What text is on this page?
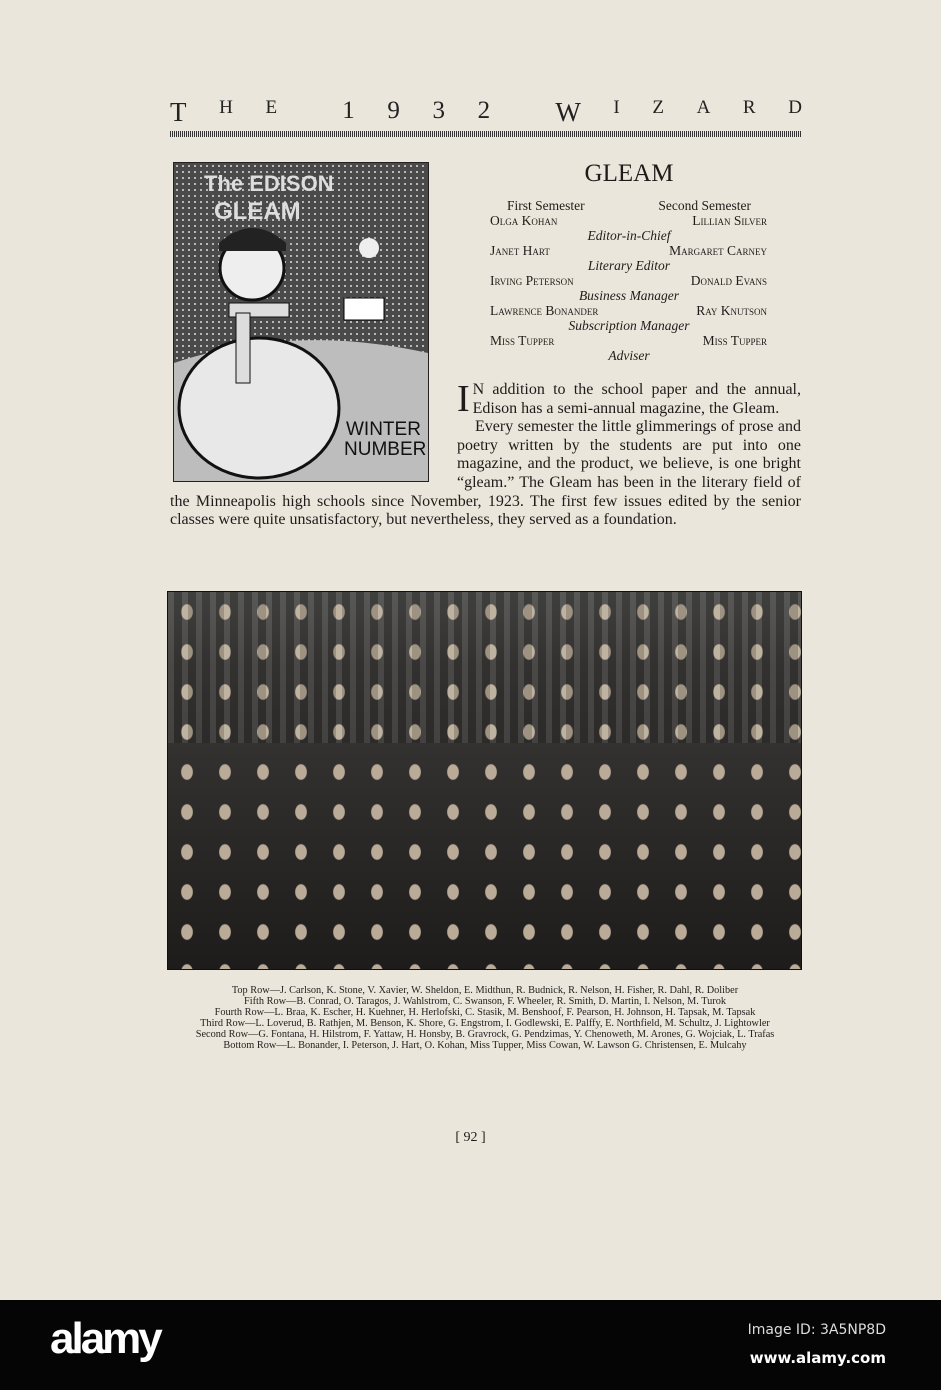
T H E	1 9 3 2 W I Z A R D
The EDISON
GLEAM
WINTER
NUMBER
GLEAM
First Semester	Second Semester
Olga Kohan	Lillian Silver
Editor-in-Chief
Janet Hart	Margaret Carney
Literary Editor
Irving Peterson	Donald Evans
Business Manager
Lawrence Bonander	Ray Knutson
Subscription Manager
Miss Tupper	Miss Tupper
Adviser

I N addition to the school paper and the annual, Edison has a semi-annual magazine, the Gleam.

Every semester the little glimmerings of prose and poetry written by the students are put into one magazine, and the product, we believe, is one bright “gleam.” The Gleam has been in the literary field of the Minneapolis high schools since November, 1923. The first few issues edited by the senior classes were quite unsatisfactory, but nevertheless, they served as a foundation.

Top Row—J. Carlson, K. Stone, V. Xavier, W. Sheldon, E. Midthun, R. Budnick, R. Nelson, H. Fisher, R. Dahl, R. Doliber
Fifth Row—B. Conrad, O. Taragos, J. Wahlstrom, C. Swanson, F. Wheeler, R. Smith, D. Martin, I. Nelson, M. Turok
Fourth Row—L. Braa, K. Escher, H. Kuehner, H. Herlofski, C. Stasik, M. Benshoof, F. Pearson, H. Johnson, H. Tapsak, M. Tapsak
Third Row—L. Loverud, B. Rathjen, M. Benson, K. Shore, G. Engstrom, I. Godlewski, E. Palffy, E. Northfield, M. Schultz, J. Lightowler
Second Row—G. Fontana, H. Hilstrom, F. Yattaw, H. Honsby, B. Gravrock, G. Pendzimas, Y. Chenoweth, M. Arones, G. Wojciak, L. Trafas
Bottom Row—L. Bonander, I. Peterson, J. Hart, O. Kohan, Miss Tupper, Miss Cowan, W. Lawson G. Christensen, E. Mulcahy
[ 92 ]
alamy	Image ID: 3A5NP8D
www.alamy.com
